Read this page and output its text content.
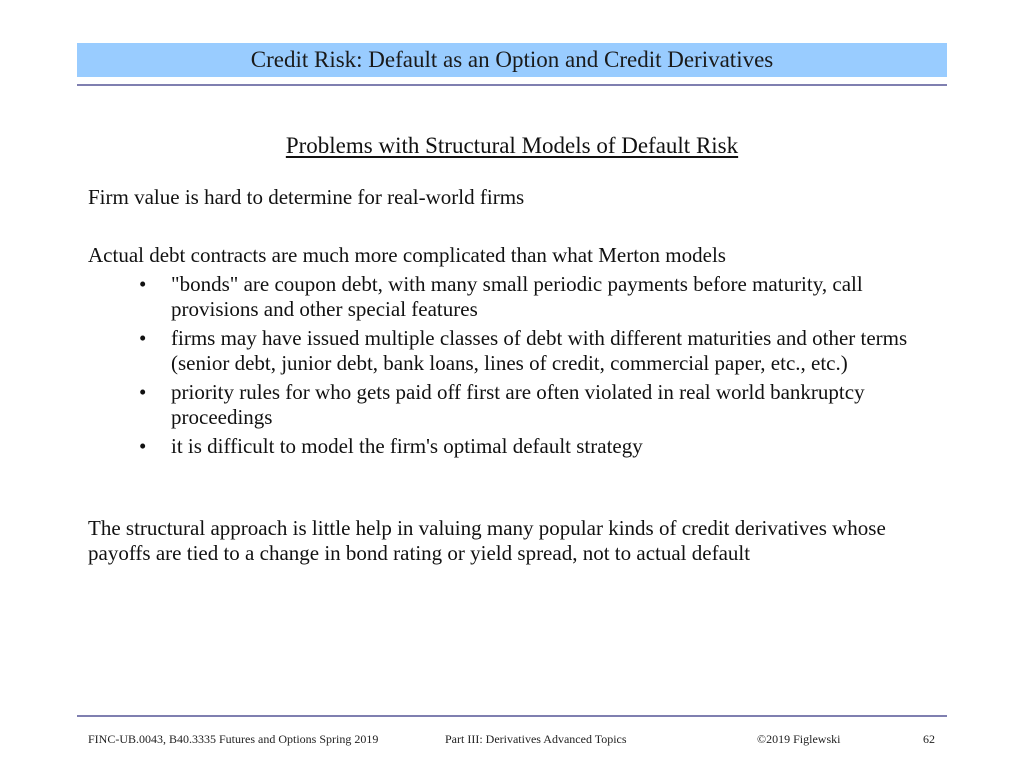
Credit Risk: Default as an Option and Credit Derivatives
Problems with Structural Models of Default Risk
Firm value is hard to determine for real-world firms
Actual debt contracts are much more complicated than what Merton models
• "bonds" are coupon debt, with many small periodic payments before maturity, call provisions and other special features
• firms may have issued multiple classes of debt with different maturities and other terms (senior debt, junior debt, bank loans, lines of credit, commercial paper, etc., etc.)
• priority rules for who gets paid off first are often violated in real world bankruptcy proceedings
• it is difficult to model the firm's optimal default strategy
The structural approach is little help in valuing many popular kinds of credit derivatives whose payoffs are tied to a change in bond rating or yield spread, not to actual default
FINC-UB.0043, B40.3335 Futures and Options Spring 2019	Part III: Derivatives Advanced Topics	©2019 Figlewski	62
